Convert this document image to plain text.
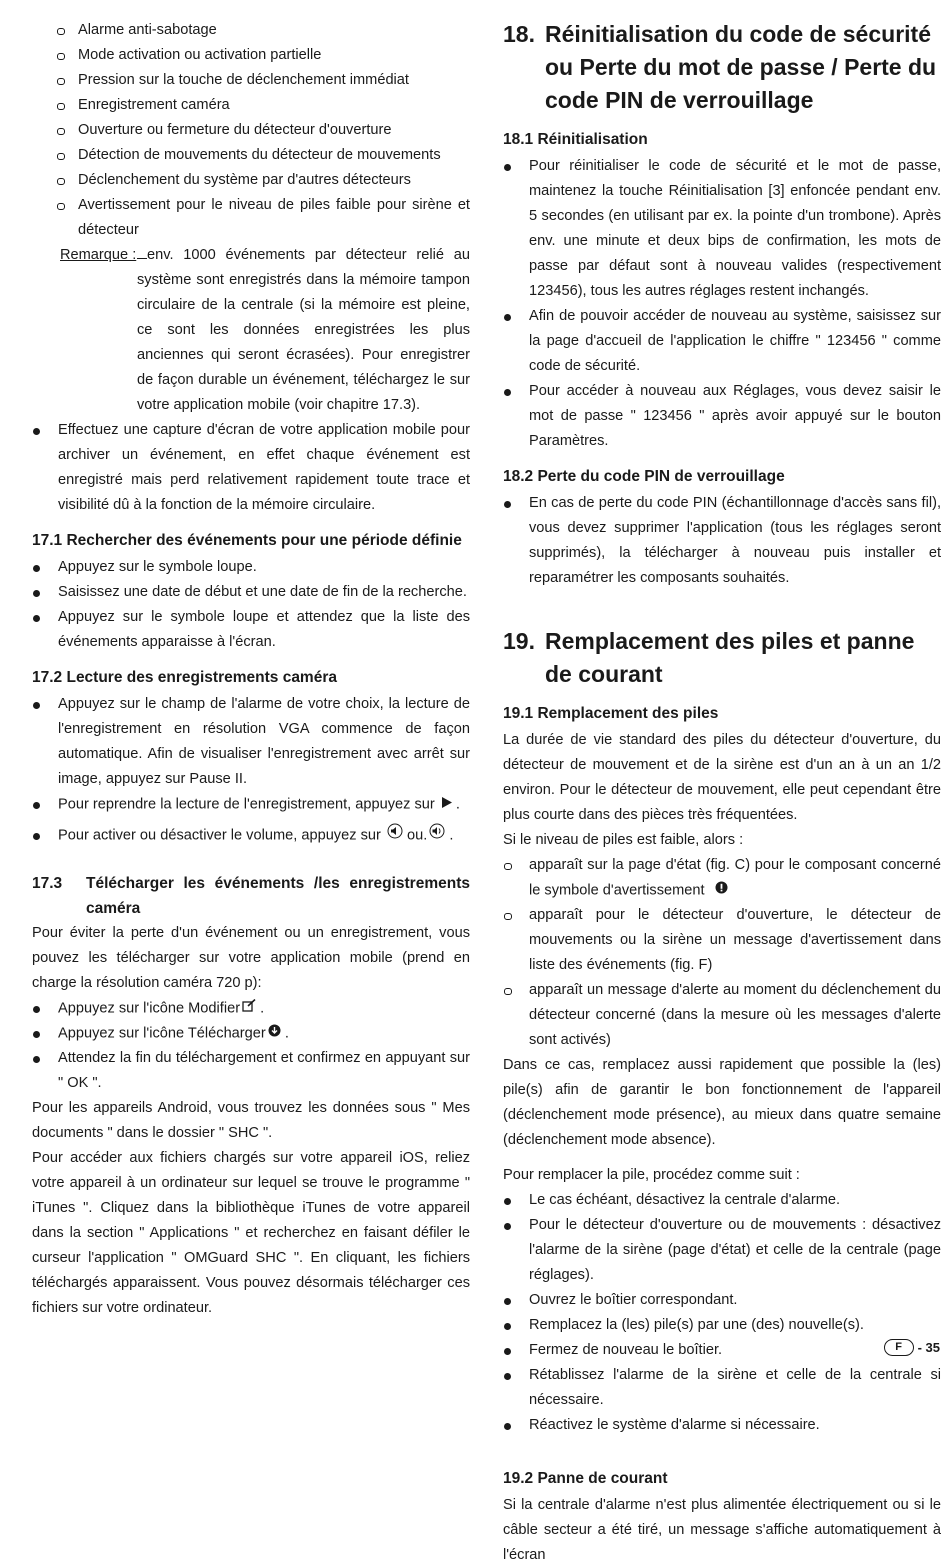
Alarme anti-sabotage
Mode activation ou activation partielle
Pression sur la touche de déclenchement immédiat
Enregistrement caméra
Ouverture ou fermeture du détecteur d'ouverture
Détection de mouvements du détecteur de mouvements
Déclenchement du système par d'autres détecteurs
Avertissement pour le niveau de piles faible pour sirène et détecteur
Remarque : env. 1000 événements par détecteur relié au système sont enregistrés dans la mémoire tampon circulaire de la centrale (si la mémoire est pleine, ce sont les données enregistrées les plus anciennes qui seront écrasées). Pour enregistrer de façon durable un événement, téléchargez le sur votre application mobile (voir chapitre 17.3).
Effectuez une capture d'écran de votre application mobile pour archiver un événement, en effet chaque événement est enregistré mais perd relativement rapidement toute trace et visibilité dû à la fonction de la mémoire circulaire.
17.1 Rechercher des événements pour une période définie
Appuyez sur le symbole loupe.
Saisissez une date de début et une date de fin de la recherche.
Appuyez sur le symbole loupe et attendez que la liste des événements apparaisse à l'écran.
17.2 Lecture des enregistrements caméra
Appuyez sur le champ de l'alarme de votre choix, la lecture de l'enregistrement en résolution VGA commence de façon automatique. Afin de visualiser l'enregistrement avec arrêt sur image, appuyez sur Pause II.
Pour reprendre la lecture de l'enregistrement, appuyez sur  .
Pour activer ou désactiver le volume, appuyez sur ou. .
17.3	Télécharger les événements /les enregistrements caméra

Pour éviter la perte d'un événement ou un enregistrement, vous pouvez les télécharger sur votre application mobile (prend en charge la résolution caméra 720 p):

Appuyez sur l'icône Modifier .
Appuyez sur l'icône Télécharger .
Attendez la fin du téléchargement et confirmez en appuyant sur " OK ".

Pour les appareils Android, vous trouvez les données sous " Mes documents " dans le dossier " SHC ".

Pour accéder aux fichiers chargés sur votre appareil iOS, reliez votre appareil à un ordinateur sur lequel se trouve le programme " iTunes ". Cliquez dans la bibliothèque iTunes de votre appareil dans la section " Applications " et recherchez en faisant défiler le curseur l'application " OMGuard SHC ". En cliquant, les fichiers téléchargés apparaissent. Vous pouvez désormais télécharger ces fichiers sur votre ordinateur.

18. Réinitialisation du code de sécurité ou Perte du mot de passe / Perte du code PIN de verrouillage
18.1 Réinitialisation
Pour réinitialiser le code de sécurité et le mot de passe, maintenez la touche Réinitialisation [3] enfoncée pendant env. 5 secondes (en utilisant par ex. la pointe d'un trombone). Après env. une minute et deux bips de confirmation, les mots de passe par défaut sont à nouveau valides (respectivement 123456), tous les autres réglages restent inchangés.
Afin de pouvoir accéder de nouveau au système, saisissez sur la page d'accueil de l'application le chiffre " 123456 " comme code de sécurité.
Pour accéder à nouveau aux Réglages, vous devez saisir le mot de passe " 123456 " après avoir appuyé sur le bouton Paramètres.
18.2 Perte du code PIN de verrouillage
En cas de perte du code PIN (échantillonnage d'accès sans fil), vous devez supprimer l'application (tous les réglages seront supprimés), la télécharger à nouveau puis installer et reparamétrer les composants souhaités.
19. Remplacement des piles et panne de courant
19.1 Remplacement des piles

La durée de vie standard des piles du détecteur d'ouverture, du détecteur de mouvement et de la sirène est d'un an à un an 1/2 environ. Pour le détecteur de mouvement, elle peut cependant être plus courte dans des pièces très fréquentées.

Si le niveau de piles est faible, alors :

apparaît sur la page d'état (fig. C) pour le composant concerné le symbole d'avertissement
apparaît pour le détecteur d'ouverture, le détecteur de mouvements ou la sirène un message d'avertissement dans liste des événements (fig. F)
apparaît un message d'alerte au moment du déclenchement du détecteur concerné (dans la mesure où les messages d'alerte sont activés)

Dans ce cas, remplacez aussi rapidement que possible la (les) pile(s) afin de garantir le bon fonctionnement de l'appareil (déclenchement mode présence), au mieux dans quatre semaine (déclenchement mode absence).

Pour remplacer la pile, procédez comme suit :

Le cas échéant, désactivez la centrale d'alarme.
Pour le détecteur d'ouverture ou de mouvements : désactivez l'alarme de la sirène (page d'état) et celle de la centrale (page réglages).
Ouvrez le boîtier correspondant.
Remplacez la (les) pile(s) par une (des) nouvelle(s).
Fermez de nouveau le boîtier.
Rétablissez l'alarme de la sirène et celle de la centrale si nécessaire.
Réactivez le système d'alarme si nécessaire.
19.2 Panne de courant

Si la centrale d'alarme n'est plus alimentée électriquement ou si le câble secteur a été tiré, un message s'affiche automatiquement à l'écran

F	- 35
